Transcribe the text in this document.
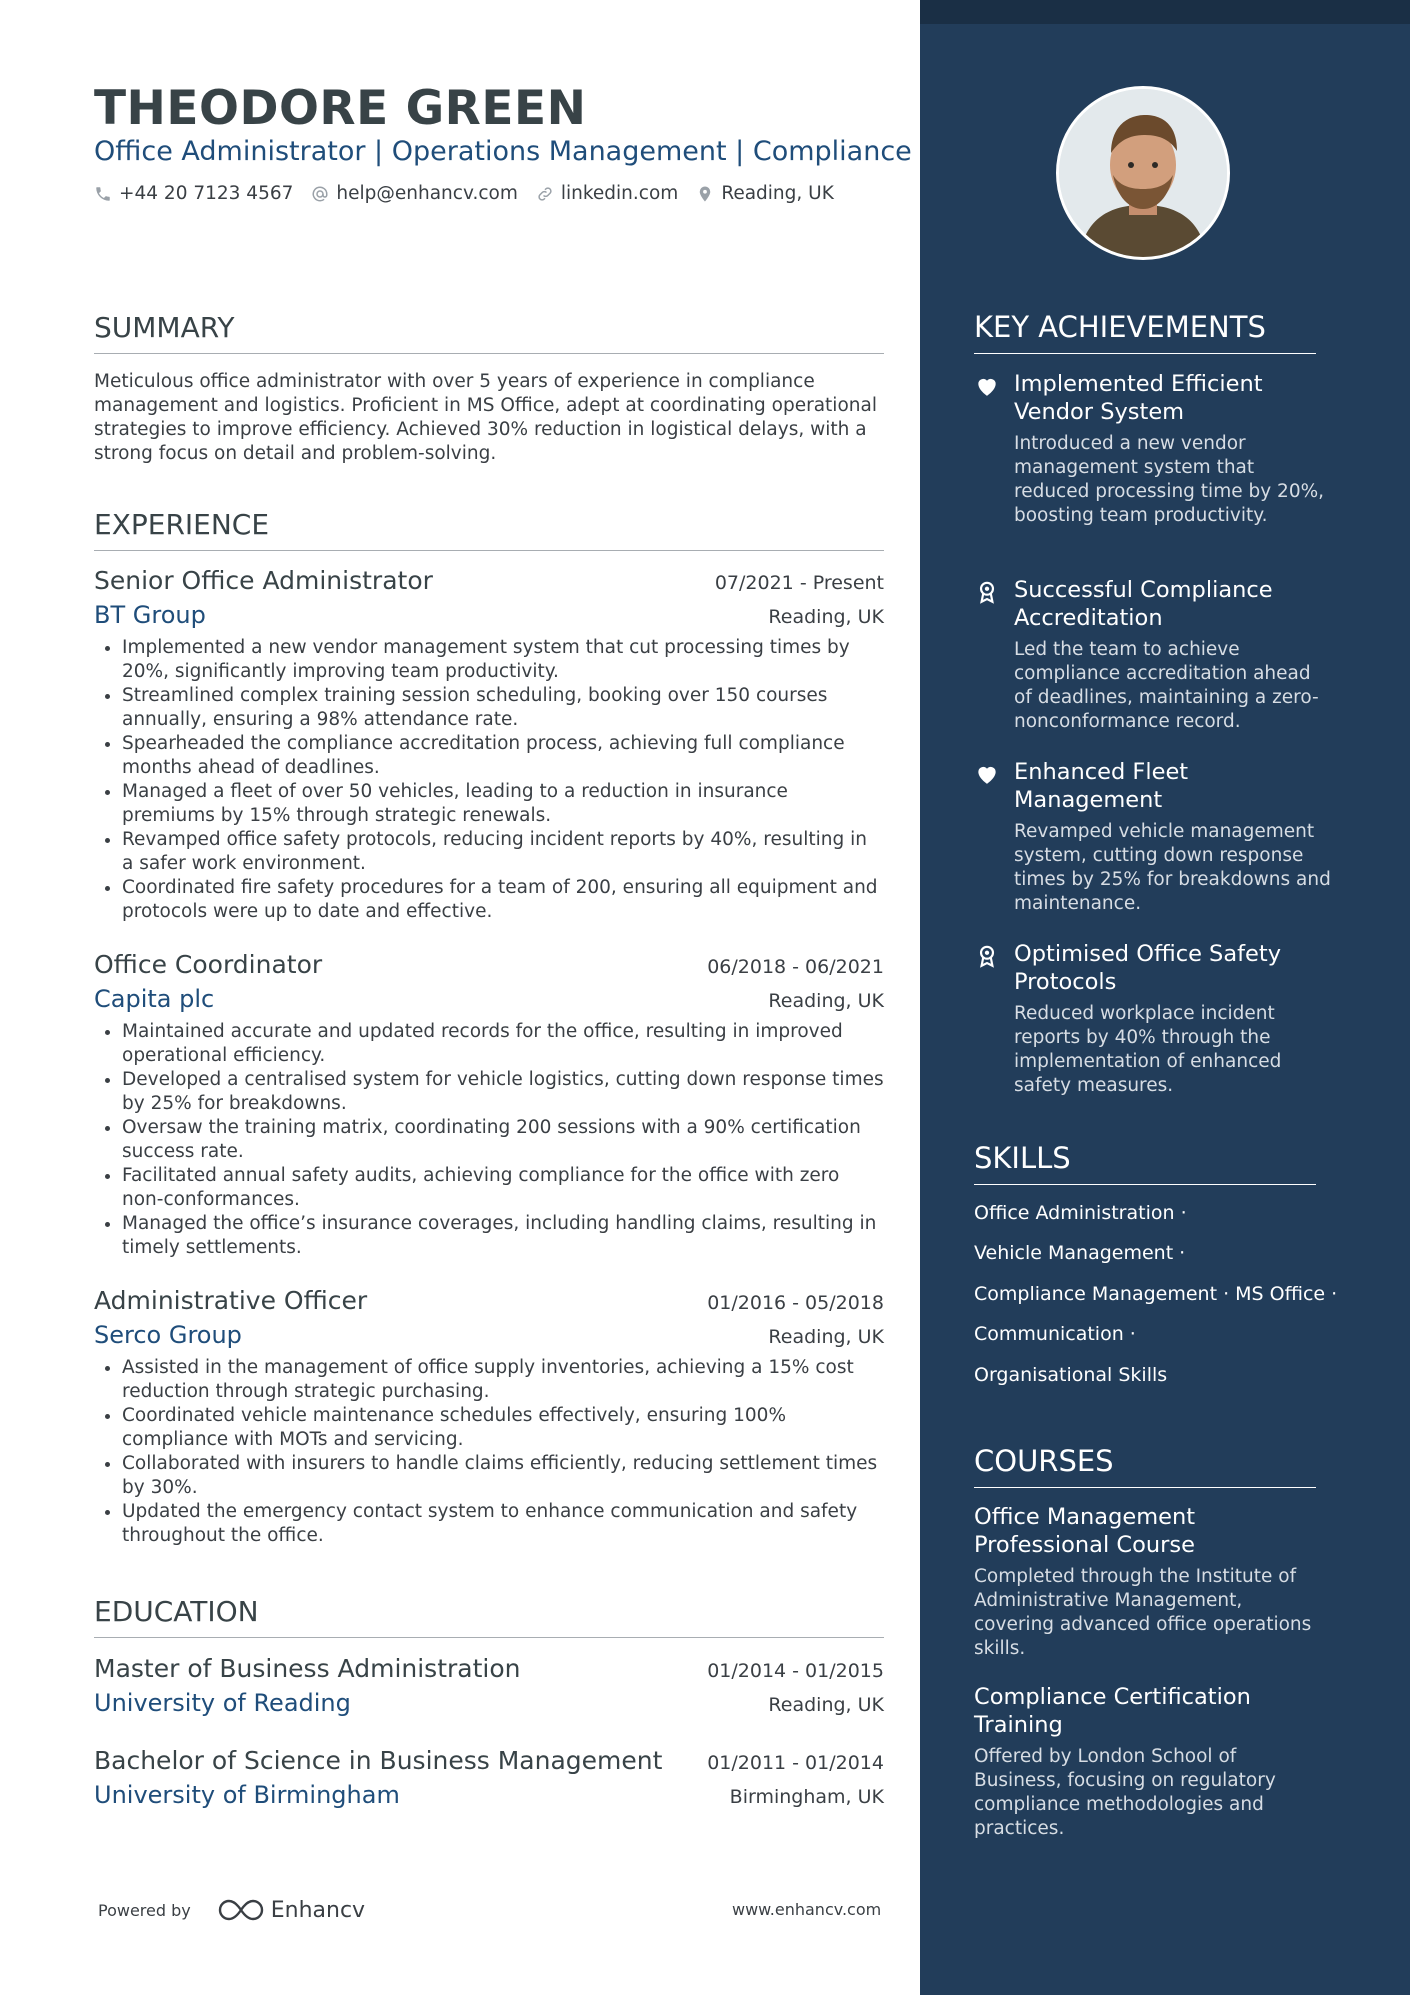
THEODORE GREEN
Office Administrator | Operations Management | Compliance
+44 20 7123 4567 help@enhancv.com linkedin.com Reading, UK
SUMMARY
Meticulous office administrator with over 5 years of experience in compliance management and logistics. Proficient in MS Office, adept at coordinating operational strategies to improve efficiency. Achieved 30% reduction in logistical delays, with a strong focus on detail and problem-solving.
EXPERIENCE
Senior Office Administrator	07/2021 - Present
BT Group	Reading, UK
• Implemented a new vendor management system that cut processing times by 20%, significantly improving team productivity.
• Streamlined complex training session scheduling, booking over 150 courses annually, ensuring a 98% attendance rate.
• Spearheaded the compliance accreditation process, achieving full compliance months ahead of deadlines.
• Managed a fleet of over 50 vehicles, leading to a reduction in insurance premiums by 15% through strategic renewals.
• Revamped office safety protocols, reducing incident reports by 40%, resulting in a safer work environment.
• Coordinated fire safety procedures for a team of 200, ensuring all equipment and protocols were up to date and effective.
Office Coordinator	06/2018 - 06/2021
Capita plc	Reading, UK
• Maintained accurate and updated records for the office, resulting in improved operational efficiency.
• Developed a centralised system for vehicle logistics, cutting down response times by 25% for breakdowns.
• Oversaw the training matrix, coordinating 200 sessions with a 90% certification success rate.
• Facilitated annual safety audits, achieving compliance for the office with zero non-conformances.
• Managed the office’s insurance coverages, including handling claims, resulting in timely settlements.
Administrative Officer	01/2016 - 05/2018
Serco Group	Reading, UK
• Assisted in the management of office supply inventories, achieving a 15% cost reduction through strategic purchasing.
• Coordinated vehicle maintenance schedules effectively, ensuring 100% compliance with MOTs and servicing.
• Collaborated with insurers to handle claims efficiently, reducing settlement times by 30%.
• Updated the emergency contact system to enhance communication and safety throughout the office.
EDUCATION
Master of Business Administration	01/2014 - 01/2015
University of Reading	Reading, UK
Bachelor of Science in Business Management 01/2011 - 01/2014
University of Birmingham	Birmingham, UK
Powered by	Enhancv	www.enhancv.com
KEY ACHIEVEMENTS
Implemented Efficient Vendor System
Introduced a new vendor management system that reduced processing time by 20%, boosting team productivity.
Successful Compliance Accreditation
Led the team to achieve compliance accreditation ahead of deadlines, maintaining a zero-nonconformance record.
Enhanced Fleet Management
Revamped vehicle management system, cutting down response times by 25% for breakdowns and maintenance.
Optimised Office Safety Protocols
Reduced workplace incident reports by 40% through the implementation of enhanced safety measures.
SKILLS
Office Administration ·
Vehicle Management ·
Compliance Management · MS Office ·
Communication ·
Organisational Skills
COURSES
Office Management Professional Course
Completed through the Institute of Administrative Management, covering advanced office operations skills.
Compliance Certification Training
Offered by London School of Business, focusing on regulatory compliance methodologies and practices.
